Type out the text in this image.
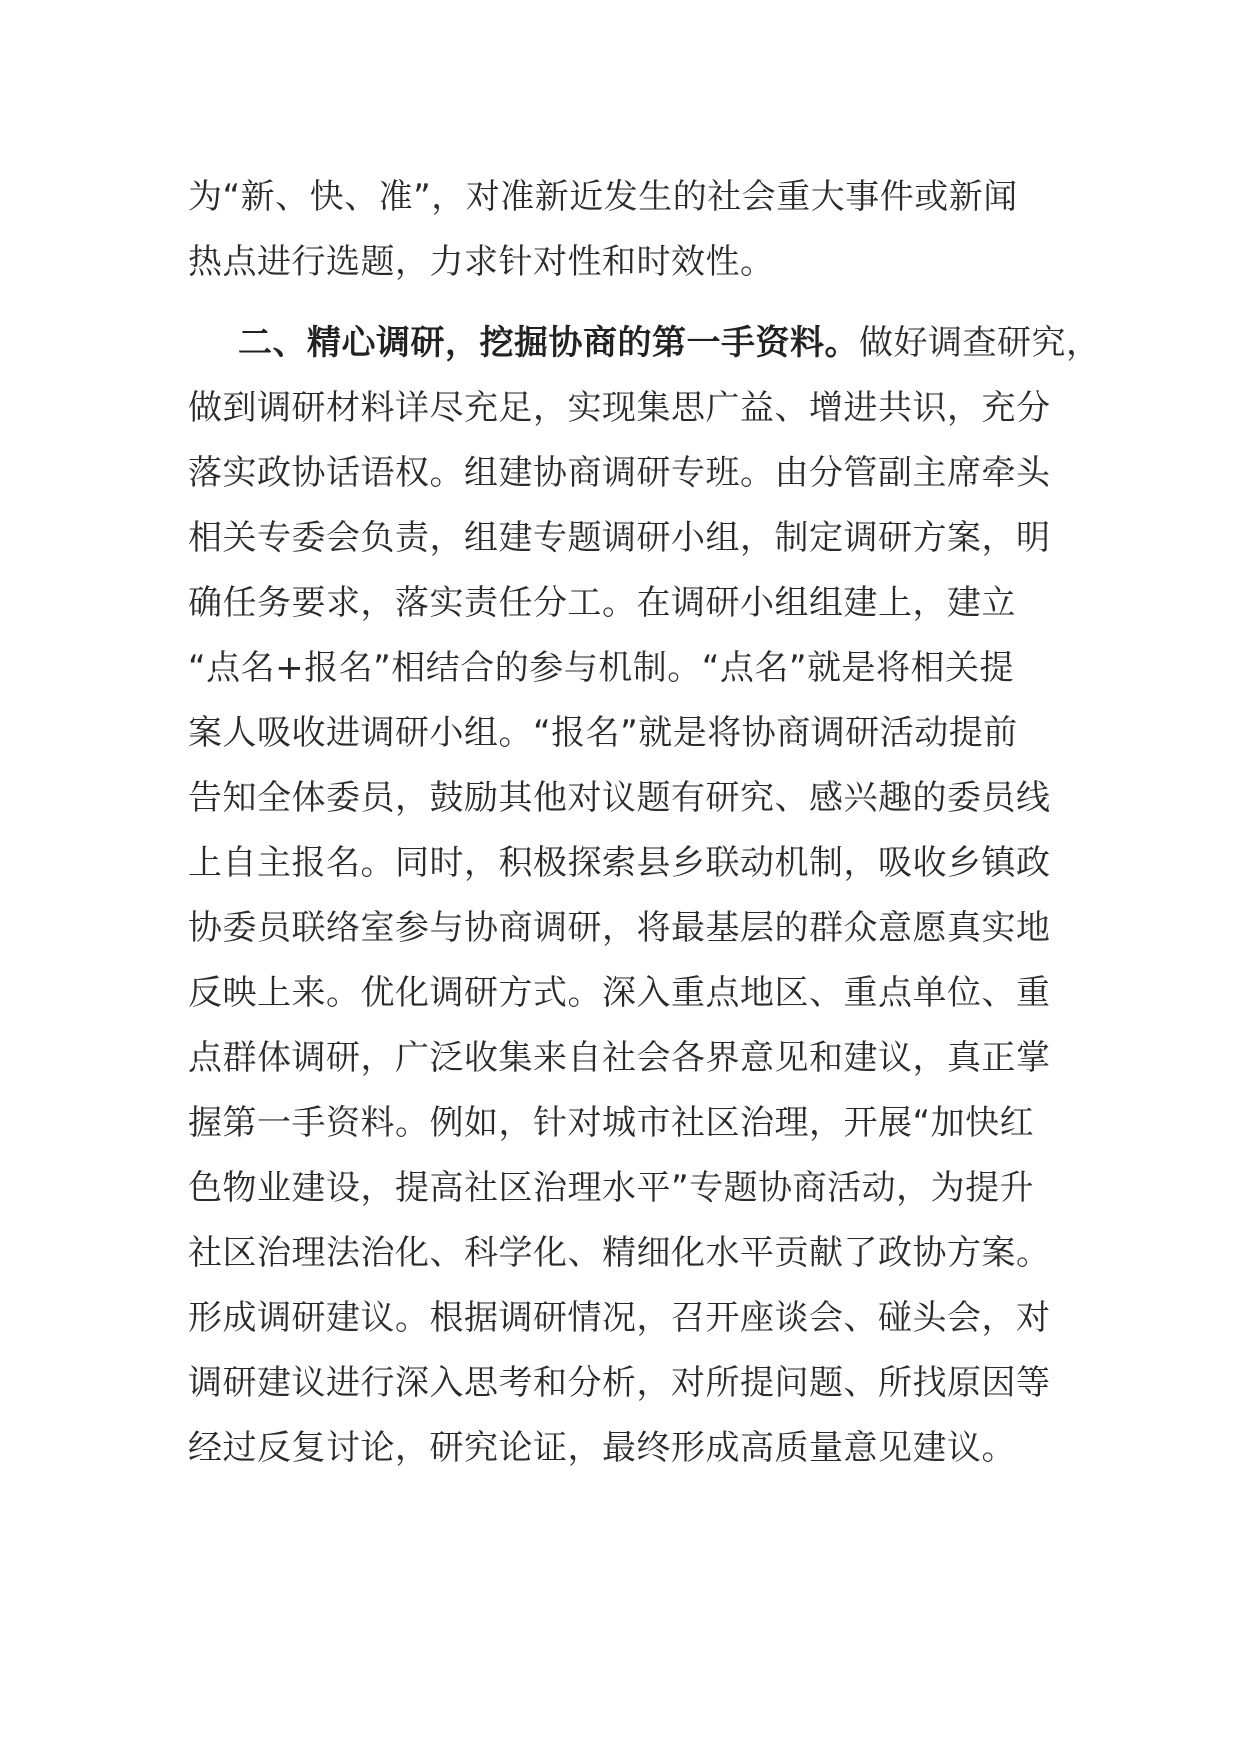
为“新、快、准”，对准新近发生的社会重大事件或新闻
热点进行选题，力求针对性和时效性。
二、精心调研，挖掘协商的第一手资料。做好调查研究，
做到调研材料详尽充足，实现集思广益、增进共识，充分
落实政协话语权。组建协商调研专班。由分管副主席牵头
相关专委会负责，组建专题调研小组，制定调研方案，明
确任务要求，落实责任分工。在调研小组组建上，建立
“点名+报名”相结合的参与机制。“点名”就是将相关提
案人吸收进调研小组。“报名”就是将协商调研活动提前
告知全体委员，鼓励其他对议题有研究、感兴趣的委员线
上自主报名。同时，积极探索县乡联动机制，吸收乡镇政
协委员联络室参与协商调研，将最基层的群众意愿真实地
反映上来。优化调研方式。深入重点地区、重点单位、重
点群体调研，广泛收集来自社会各界意见和建议，真正掌
握第一手资料。例如，针对城市社区治理，开展“加快红
色物业建设，提高社区治理水平”专题协商活动，为提升
社区治理法治化、科学化、精细化水平贡献了政协方案。
形成调研建议。根据调研情况，召开座谈会、碰头会，对
调研建议进行深入思考和分析，对所提问题、所找原因等
经过反复讨论，研究论证，最终形成高质量意见建议。
